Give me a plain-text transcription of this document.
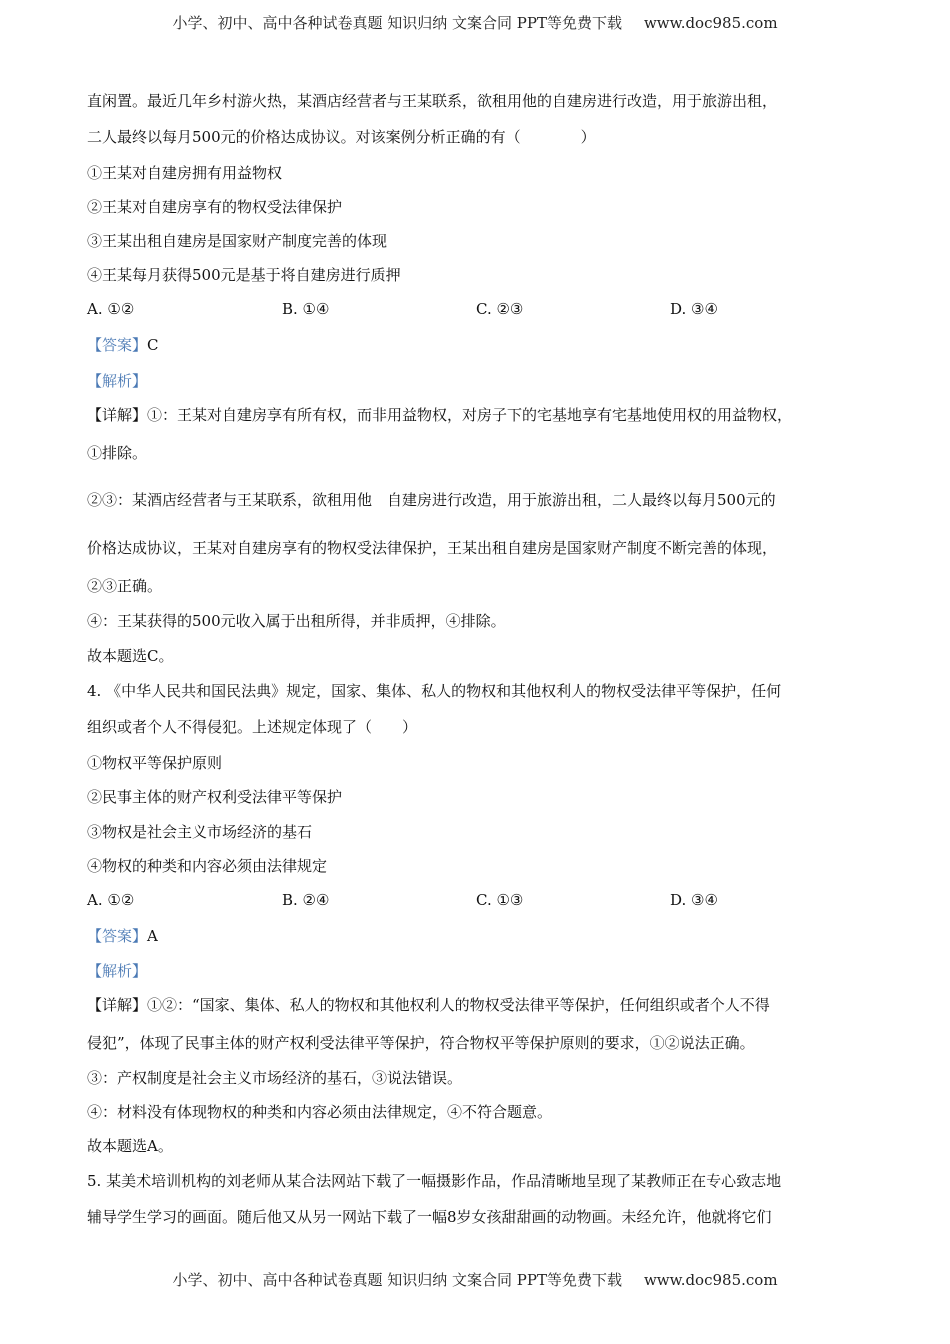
小学、初中、高中各种试卷真题 知识归纳 文案合同 PPT等免费下载 www.doc985.com
直闲置。最近几年乡村游火热，某酒店经营者与王某联系，欲租用他的自建房进行改造，用于旅游出租，
二人最终以每月500元的价格达成协议。对该案例分析正确的有（　　　　）
①王某对自建房拥有用益物权
②王某对自建房享有的物权受法律保护
③王某出租自建房是国家财产制度完善的体现
④王某每月获得500元是基于将自建房进行质押
A. ①②	B. ①④	C. ②③	D. ③④
【答案】C
【解析】
【详解】①：王某对自建房享有所有权，而非用益物权，对房子下的宅基地享有宅基地使用权的用益物权，
①排除。
②③：某酒店经营者与王某联系，欲租用他　自建房进行改造，用于旅游出租，二人最终以每月500元的
价格达成协议，王某对自建房享有的物权受法律保护，王某出租自建房是国家财产制度不断完善的体现，
②③正确。
④：王某获得的500元收入属于出租所得，并非质押，④排除。
故本题选C。
4. 《中华人民共和国民法典》规定，国家、集体、私人的物权和其他权利人的物权受法律平等保护，任何
组织或者个人不得侵犯。上述规定体现了（　　）
①物权平等保护原则
②民事主体的财产权利受法律平等保护
③物权是社会主义市场经济的基石
④物权的种类和内容必须由法律规定
A. ①②	B. ②④	C. ①③	D. ③④
【答案】A
【解析】
【详解】①②：“国家、集体、私人的物权和其他权利人的物权受法律平等保护，任何组织或者个人不得
侵犯”，体现了民事主体的财产权利受法律平等保护，符合物权平等保护原则的要求，①②说法正确。
③：产权制度是社会主义市场经济的基石，③说法错误。
④：材料没有体现物权的种类和内容必须由法律规定，④不符合题意。
故本题选A。
5. 某美术培训机构的刘老师从某合法网站下载了一幅摄影作品，作品清晰地呈现了某教师正在专心致志地
辅导学生学习的画面。随后他又从另一网站下载了一幅8岁女孩甜甜画的动物画。未经允许，他就将它们
小学、初中、高中各种试卷真题 知识归纳 文案合同 PPT等免费下载 www.doc985.com
